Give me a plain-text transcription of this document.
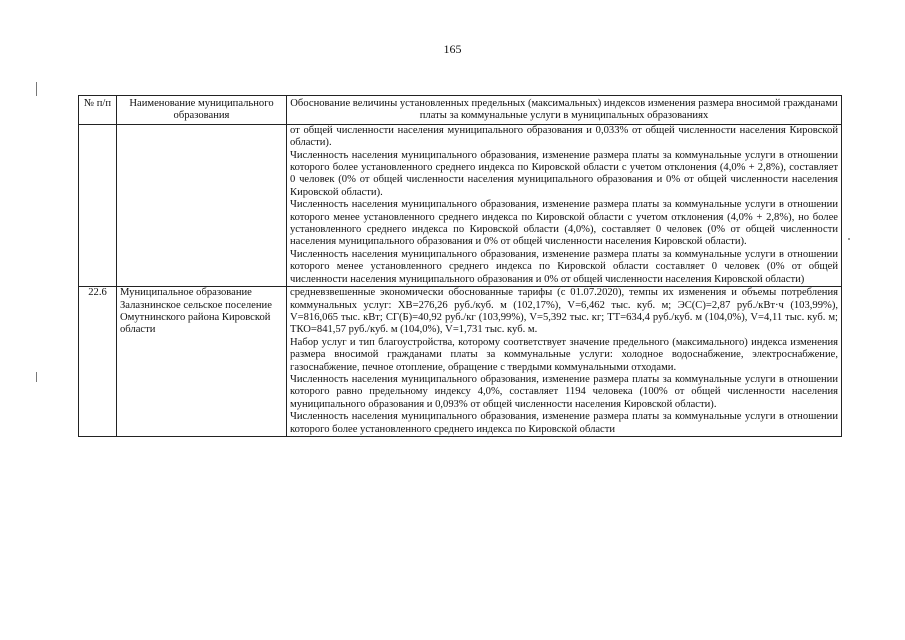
165
№ п/п	Наименование муниципального образования	Обоснование величины установленных предельных (максимальных) индексов изменения размера вносимой гражданами платы за коммунальные услуги в муниципальных образованиях

		от общей численности населения муниципального образования и 0,033% от общей численности населения Кировской области).

Численность населения муниципального образования, изменение размера платы за коммунальные услуги в отношении которого более установленного среднего индекса по Кировской области с учетом отклонения (4,0% + 2,8%), составляет 0 человек (0% от общей численности населения муниципального образования и 0% от общей численности населения Кировской области).

Численность населения муниципального образования, изменение размера платы за коммунальные услуги в отношении которого менее установленного среднего индекса по Кировской области с учетом отклонения (4,0% + 2,8%), но более установленного среднего индекса по Кировской области (4,0%), составляет 0 человек (0% от общей численности населения муниципального образования и 0% от общей численности населения Кировской области).

Численность населения муниципального образования, изменение размера платы за коммунальные услуги в отношении которого менее установленного среднего индекса по Кировской области составляет 0 человек (0% от общей численности населения муниципального образования и 0% от общей численности населения Кировской области)

22.6	Муниципальное образование Залазнинское сельское поселение Омутнинского района Кировской области	средневзвешенные экономически обоснованные тарифы (с 01.07.2020), темпы их изменения и объемы потребления коммунальных услуг: ХВ=276,26 руб./куб. м (102,17%), V=6,462 тыс. куб. м; ЭС(С)=2,87 руб./кВт·ч (103,99%), V=816,065 тыс. кВт; СГ(Б)=40,92 руб./кг (103,99%), V=5,392 тыс. кг; ТТ=634,4 руб./куб. м (104,0%), V=4,11 тыс. куб. м; ТКО=841,57 руб./куб. м (104,0%), V=1,731 тыс. куб. м.

Набор услуг и тип благоустройства, которому соответствует значение предельного (максимального) индекса изменения размера вносимой гражданами платы за коммунальные услуги: холодное водоснабжение, электроснабжение, газоснабжение, печное отопление, обращение с твердыми коммунальными отходами.

Численность населения муниципального образования, изменение размера платы за коммунальные услуги в отношении которого равно предельному индексу 4,0%, составляет 1194 человека (100% от общей численности населения муниципального образования и 0,093% от общей численности населения Кировской области).

Численность населения муниципального образования, изменение размера платы за коммунальные услуги в отношении которого более установленного среднего индекса по Кировской области
